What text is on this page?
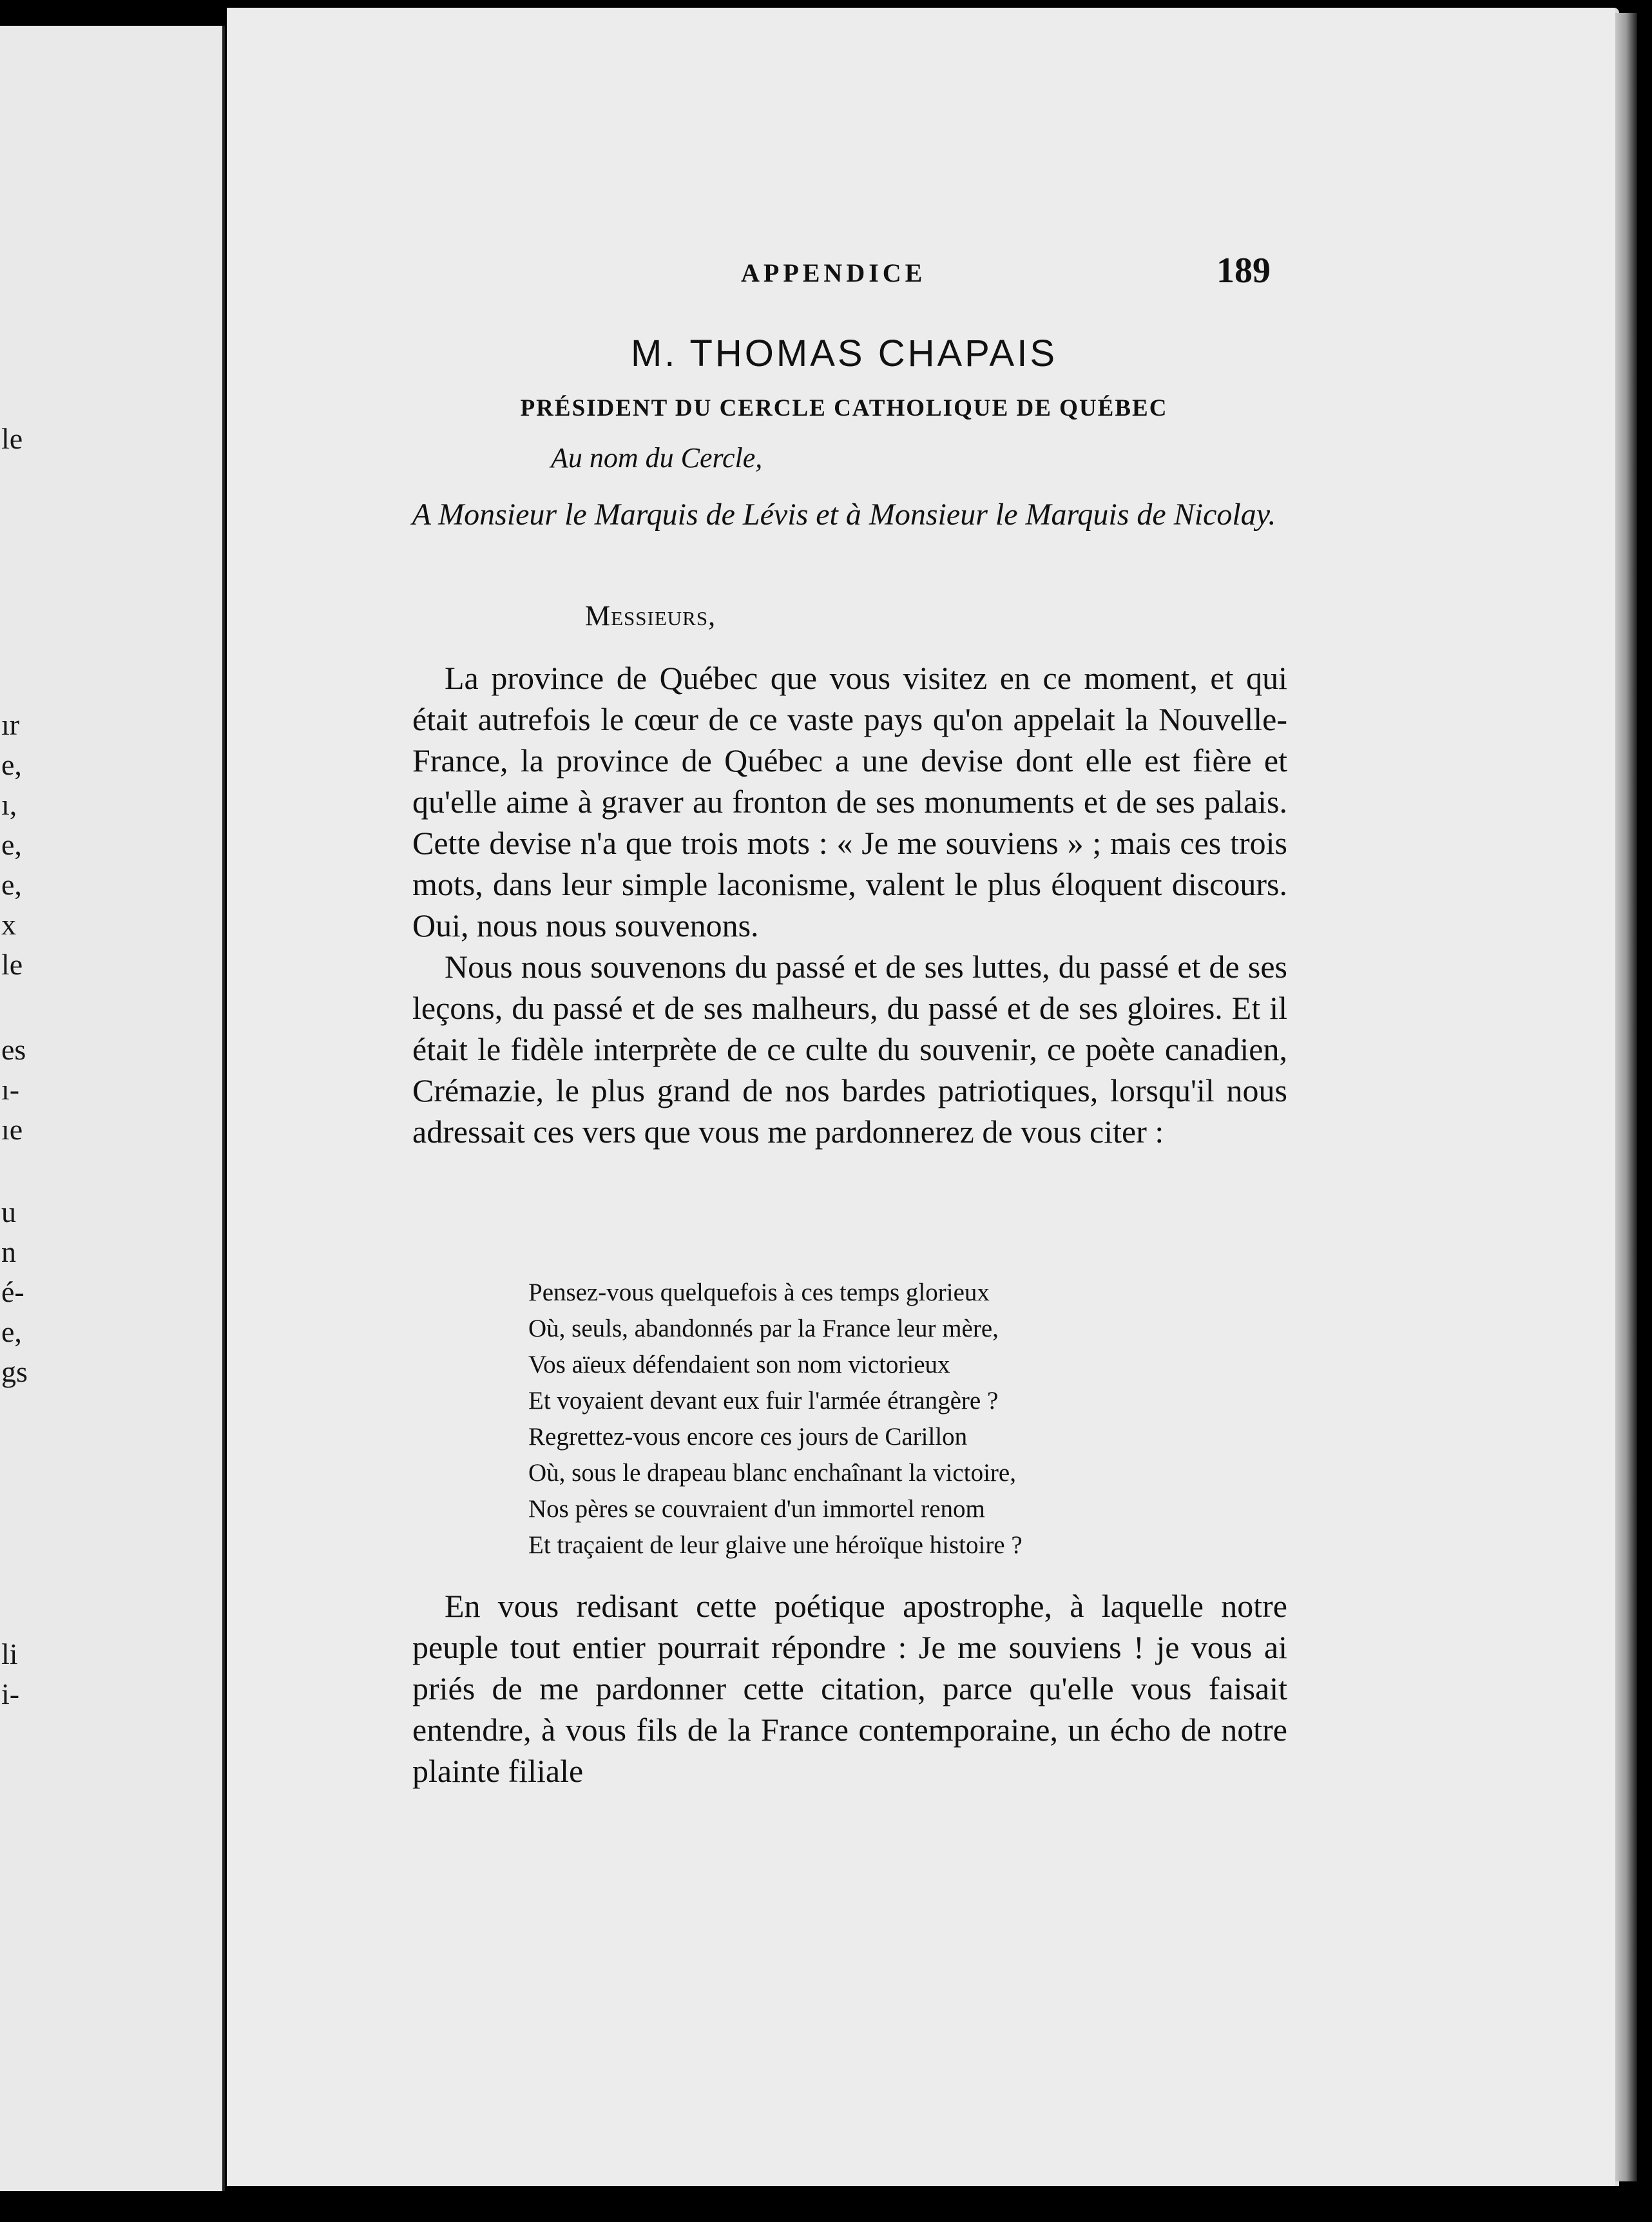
le
ır
e,
ı,
e,
e,
x
le
es
ı-
ıe
u
n
é-
e,
gs
li
i-
APPENDICE	189
M. THOMAS CHAPAIS
PRÉSIDENT DU CERCLE CATHOLIQUE DE QUÉBEC
Au nom du Cercle,
A Monsieur le Marquis de Lévis et à Monsieur le Marquis de Nicolay.
Messieurs,

La province de Québec que vous visitez en ce moment, et qui était autrefois le cœur de ce vaste pays qu'on appelait la Nouvelle-France, la province de Québec a une devise dont elle est fière et qu'elle aime à graver au fronton de ses monuments et de ses palais. Cette devise n'a que trois mots : « Je me souviens » ; mais ces trois mots, dans leur simple laconisme, valent le plus éloquent discours. Oui, nous nous souvenons.

Nous nous souvenons du passé et de ses luttes, du passé et de ses leçons, du passé et de ses malheurs, du passé et de ses gloires. Et il était le fidèle interprète de ce culte du souvenir, ce poète canadien, Crémazie, le plus grand de nos bardes patriotiques, lorsqu'il nous adressait ces vers que vous me pardonnerez de vous citer :

Pensez-vous quelquefois à ces temps glorieux
Où, seuls, abandonnés par la France leur mère,
Vos aïeux défendaient son nom victorieux
Et voyaient devant eux fuir l'armée étrangère ?
Regrettez-vous encore ces jours de Carillon
Où, sous le drapeau blanc enchaînant la victoire,
Nos pères se couvraient d'un immortel renom
Et traçaient de leur glaive une héroïque histoire ?

En vous redisant cette poétique apostrophe, à laquelle notre peuple tout entier pourrait répondre : Je me souviens ! je vous ai priés de me pardonner cette citation, parce qu'elle vous faisait entendre, à vous fils de la France contemporaine, un écho de notre plainte filiale
